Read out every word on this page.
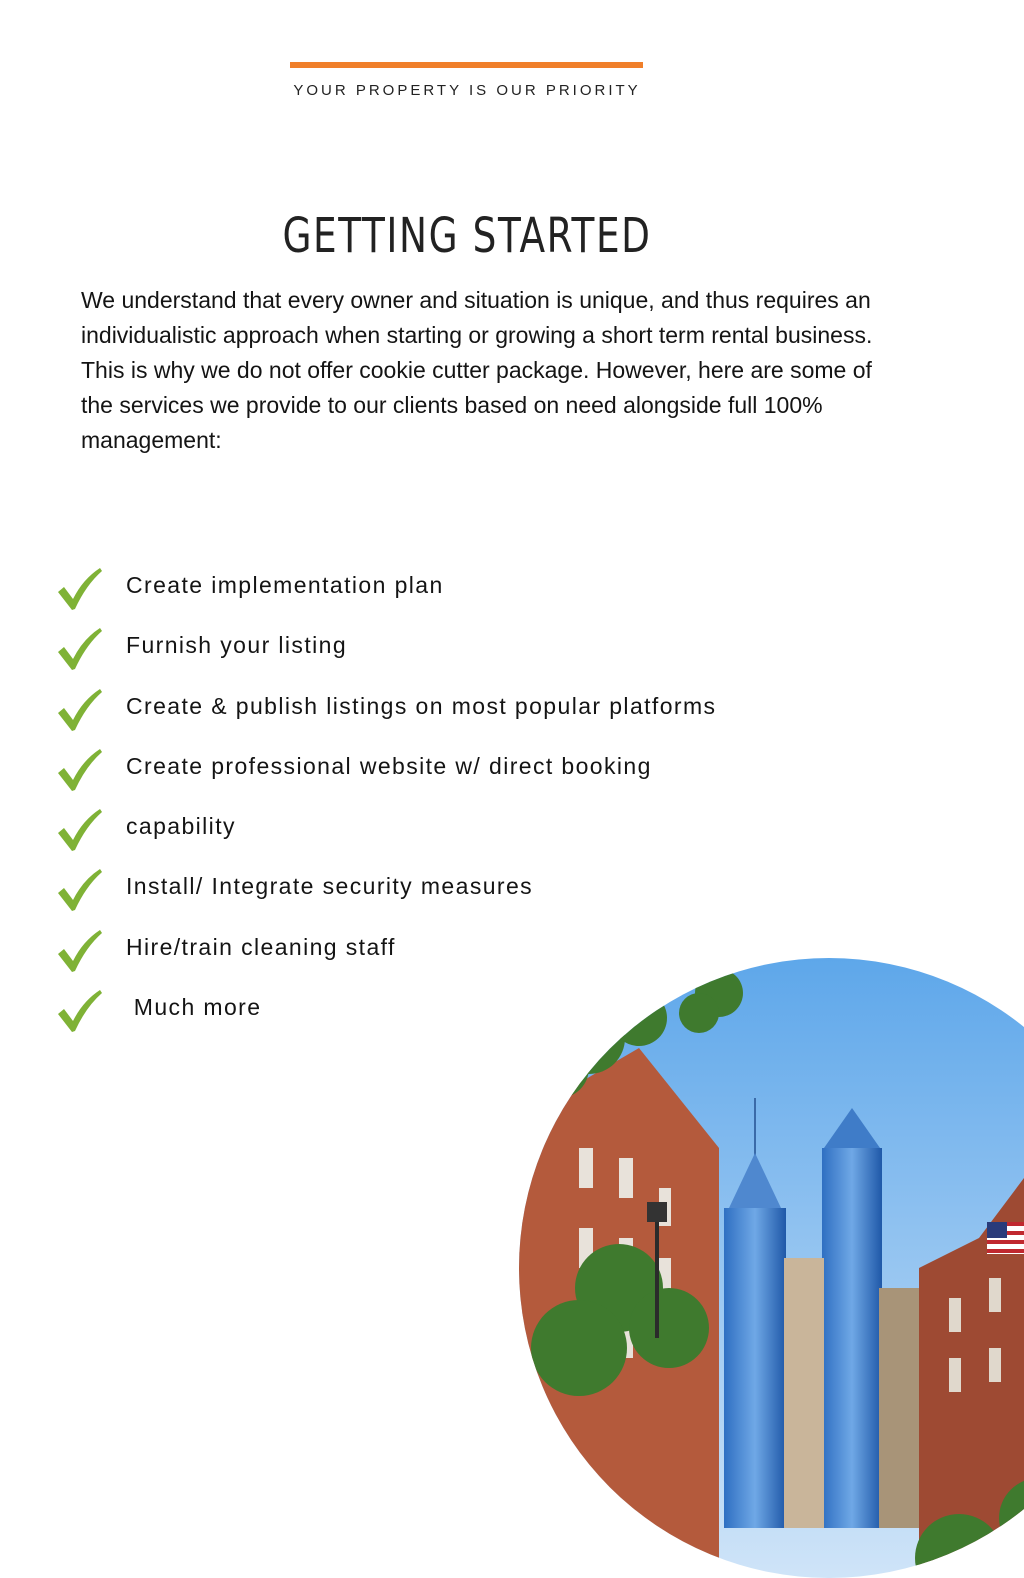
YOUR PROPERTY IS OUR PRIORITY
GETTING STARTED

We understand that every owner and situation is unique, and thus requires an individualistic approach when starting or growing a short term rental business. This is why we do not offer cookie cutter package. However, here are some of the services we provide to our clients based on need alongside full 100% management:

Create implementation plan
Furnish your listing
Create & publish listings on most popular platforms
Create professional website w/ direct booking
capability
Install/ Integrate security measures
Hire/train cleaning staff
Much more
